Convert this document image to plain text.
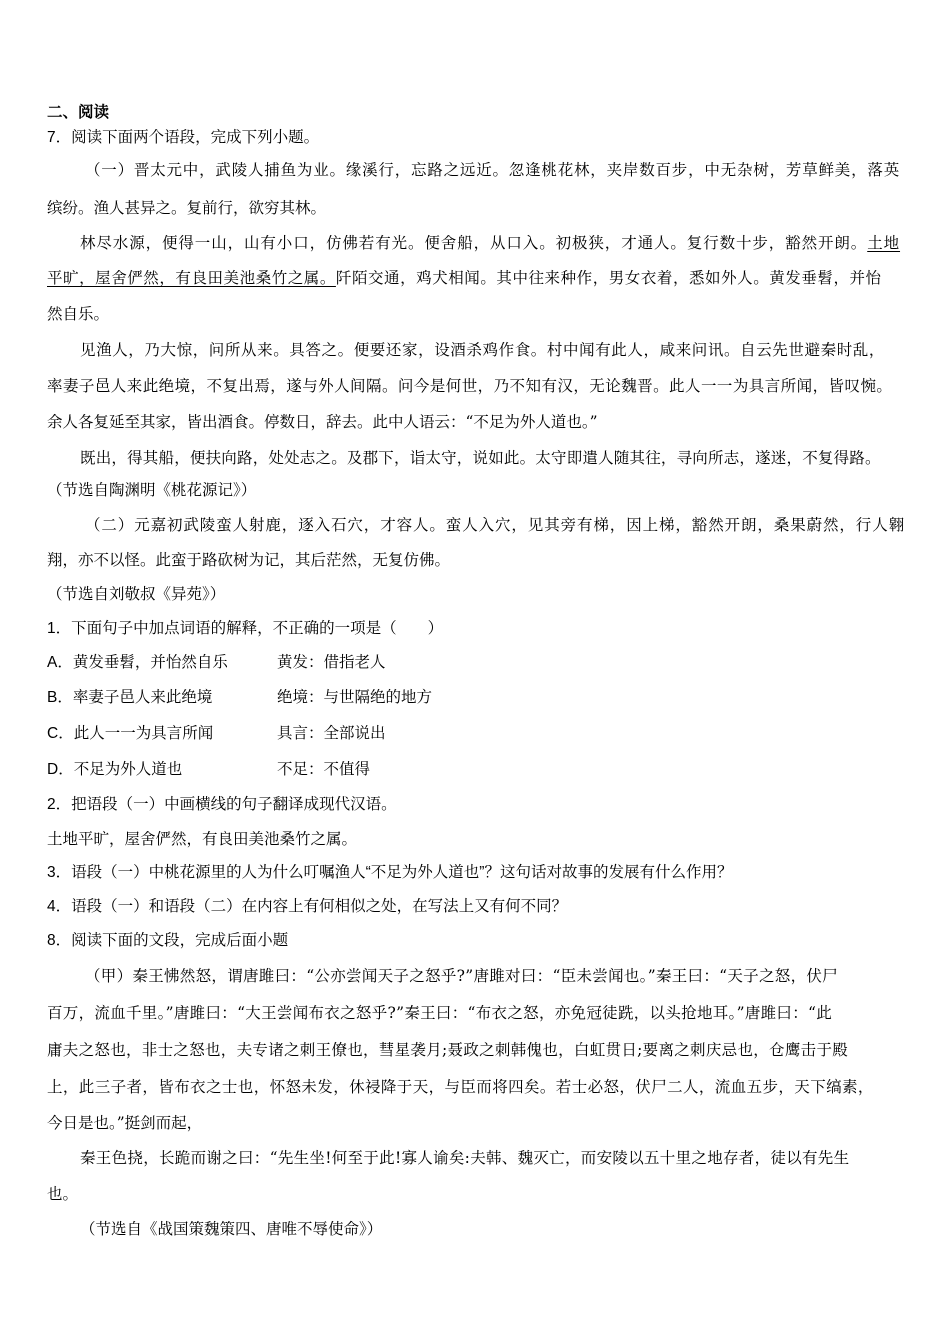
二、阅读
7．阅读下面两个语段，完成下列小题。
（一）晋太元中，武陵人捕鱼为业。缘溪行，忘路之远近。忽逢桃花林，夹岸数百步，中无杂树，芳草鲜美，落英
缤纷。渔人甚异之。复前行，欲穷其林。
林尽水源，便得一山，山有小口，仿佛若有光。便舍船，从口入。初极狭，才通人。复行数十步，豁然开朗。土地
平旷，屋舍俨然，有良田美池桑竹之属。阡陌交通，鸡犬相闻。其中往来种作，男女衣着，悉如外人。黄发垂髫，并怡
然自乐。
见渔人，乃大惊，问所从来。具答之。便要还家，设酒杀鸡作食。村中闻有此人，咸来问讯。自云先世避秦时乱，
率妻子邑人来此绝境，不复出焉，遂与外人间隔。问今是何世，乃不知有汉，无论魏晋。此人一一为具言所闻，皆叹惋。
余人各复延至其家，皆出酒食。停数日，辞去。此中人语云：“不足为外人道也。”
既出，得其船，便扶向路，处处志之。及郡下，诣太守，说如此。太守即遣人随其往，寻向所志，遂迷，不复得路。
（节选自陶渊明《桃花源记》）
（二）元嘉初武陵蛮人射鹿，逐入石穴，才容人。蛮人入穴，见其旁有梯，因上梯，豁然开朗，桑果蔚然，行人翱
翔，亦不以怪。此蛮于路砍树为记，其后茫然，无复仿佛。
（节选自刘敬叔《异苑》）
1．下面句子中加点词语的解释，不正确的一项是（　　）
A．黄发垂髫，并怡然自乐	黄发：借指老人
B．率妻子邑人来此绝境	绝境：与世隔绝的地方
C．此人一一为具言所闻	具言：全部说出
D．不足为外人道也	不足：不值得
2．把语段（一）中画横线的句子翻译成现代汉语。
土地平旷，屋舍俨然，有良田美池桑竹之属。
3．语段（一）中桃花源里的人为什么叮嘱渔人“不足为外人道也”？这句话对故事的发展有什么作用？
4．语段（一）和语段（二）在内容上有何相似之处，在写法上又有何不同？
8．阅读下面的文段，完成后面小题
（甲）秦王怫然怒，谓唐雎曰：“公亦尝闻天子之怒乎?”唐雎对曰：“臣未尝闻也。”秦王曰：“天子之怒，伏尸
百万，流血千里。”唐雎曰：“大王尝闻布衣之怒乎?”秦王曰：“布衣之怒，亦免冠徒跣，以头抢地耳。”唐雎曰：“此
庸夫之怒也，非士之怒也，夫专诸之刺王僚也，彗星袭月;聂政之刺韩傀也，白虹贯日;要离之刺庆忌也，仓鹰击于殿
上，此三子者，皆布衣之士也，怀怒未发，休祲降于天，与臣而将四矣。若士必怒，伏尸二人，流血五步，天下缟素，
今日是也。”挺剑而起，
秦王色挠，长跪而谢之曰：“先生坐!何至于此!寡人谕矣:夫韩、魏灭亡，而安陵以五十里之地存者，徒以有先生
也。
（节选自《战国策魏策四、唐唯不辱使命》）
